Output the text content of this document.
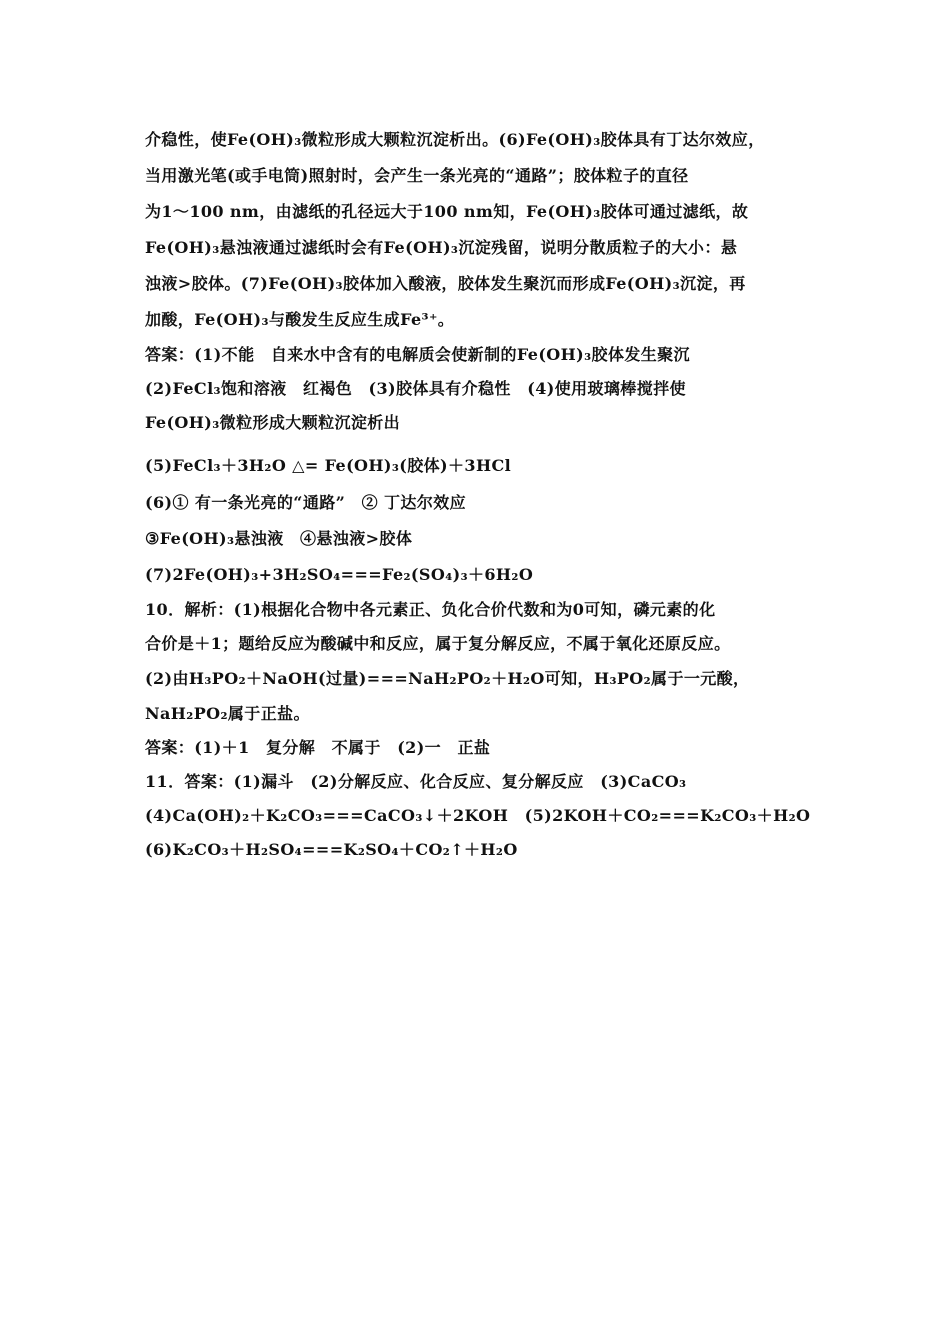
介稳性，使Fe(OH)₃微粒形成大颗粒沉淀析出。(6)Fe(OH)₃胶体具有丁达尔效应，
当用激光笔(或手电筒)照射时，会产生一条光亮的“通路”；胶体粒子的直径
为1～100 nm，由滤纸的孔径远大于100 nm知，Fe(OH)₃胶体可通过滤纸，故
Fe(OH)₃悬浊液通过滤纸时会有Fe(OH)₃沉淀残留，说明分散质粒子的大小：悬
浊液>胶体。(7)Fe(OH)₃胶体加入酸液，胶体发生聚沉而形成Fe(OH)₃沉淀，再
加酸，Fe(OH)₃与酸发生反应生成Fe³⁺。
答案：(1)不能　自来水中含有的电解质会使新制的Fe(OH)₃胶体发生聚沉
(2)FeCl₃饱和溶液　红褐色　(3)胶体具有介稳性　(4)使用玻璃棒搅拌使
Fe(OH)₃微粒形成大颗粒沉淀析出
(5)FeCl₃＋3H₂O △= Fe(OH)₃(胶体)＋3HCl
(6)① 有一条光亮的“通路”　② 丁达尔效应
③Fe(OH)₃悬浊液　④悬浊液>胶体
(7)2Fe(OH)₃+3H₂SO₄===Fe₂(SO₄)₃＋6H₂O
10．解析：(1)根据化合物中各元素正、负化合价代数和为0可知，磷元素的化
合价是＋1；题给反应为酸碱中和反应，属于复分解反应，不属于氧化还原反应。
(2)由H₃PO₂＋NaOH(过量)===NaH₂PO₂＋H₂O可知，H₃PO₂属于一元酸，
NaH₂PO₂属于正盐。
答案：(1)＋1　复分解　不属于　(2)一　正盐
11．答案：(1)漏斗　(2)分解反应、化合反应、复分解反应　(3)CaCO₃
(4)Ca(OH)₂＋K₂CO₃===CaCO₃↓＋2KOH　(5)2KOH＋CO₂===K₂CO₃＋H₂O
(6)K₂CO₃＋H₂SO₄===K₂SO₄＋CO₂↑＋H₂O
